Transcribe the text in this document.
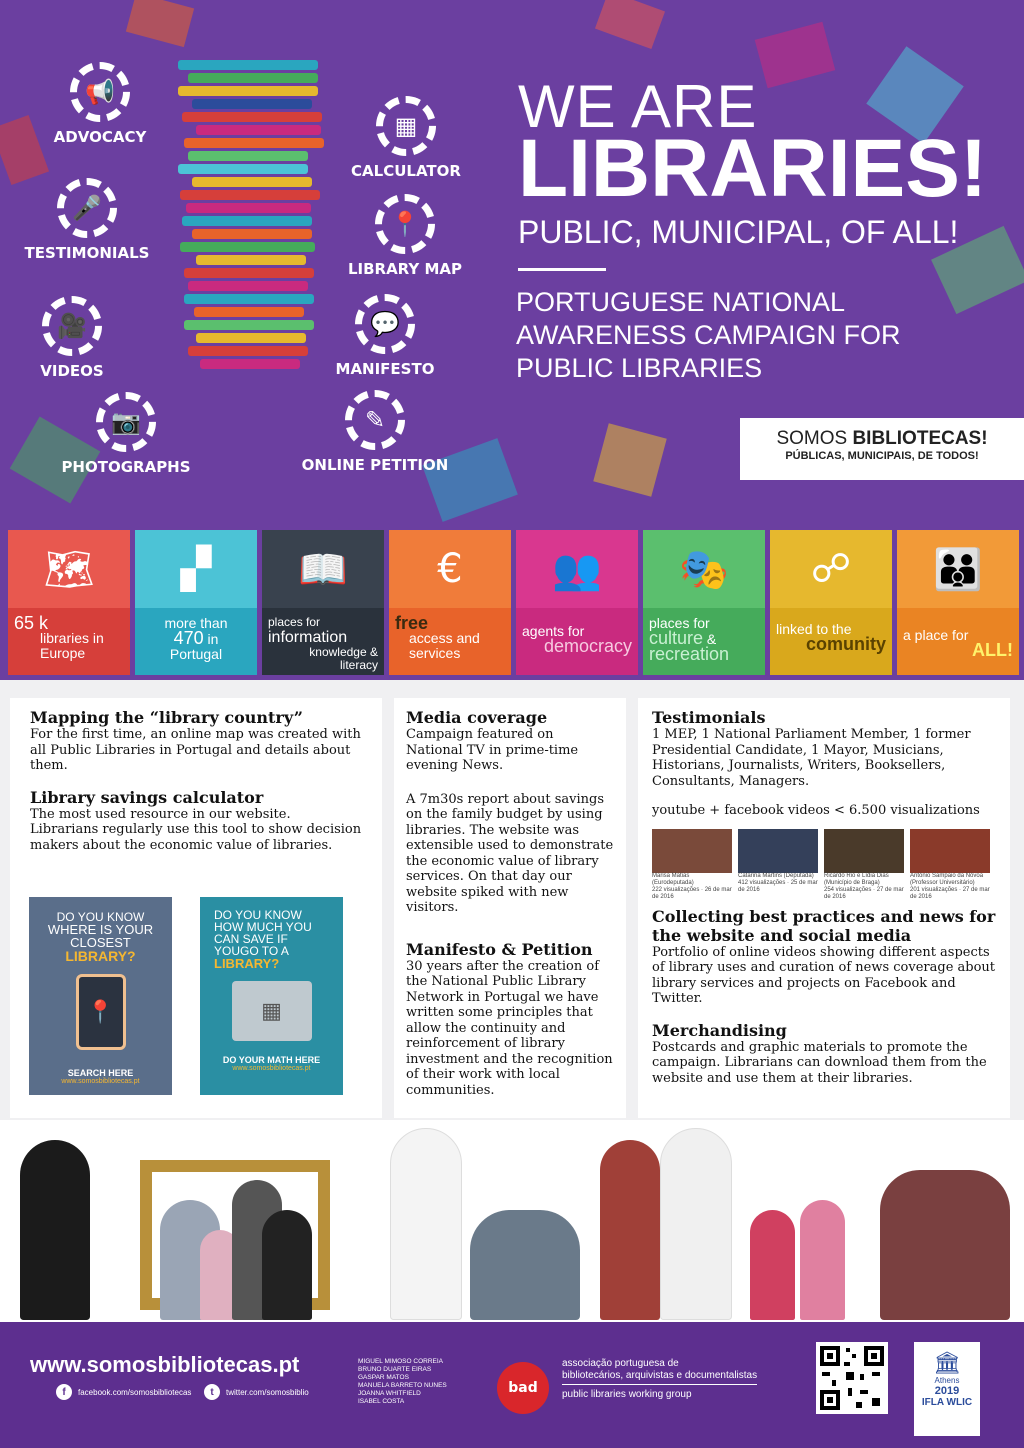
📢
ADVOCACY
🎤
TESTIMONIALS
🎥
VIDEOS
📷
PHOTOGRAPHS
▦
CALCULATOR
📍
LIBRARY MAP
💬
MANIFESTO
✎
ONLINE PETITION
WE ARE
LIBRARIES!
PUBLIC, MUNICIPAL, OF ALL!
PORTUGUESE NATIONAL
AWARENESS CAMPAIGN FOR
PUBLIC LIBRARIES
SOMOS BIBLIOTECAS!
PÚBLICAS, MUNICIPAIS, DE TODOS!
🗺
65 k
libraries in
Europe
▞
more than
470 in
Portugal
📖
places for
information
knowledge &
literacy
€
free
access and
services
👥
agents for
democracy
🎭
places for
culture &
recreation
☍
linked to the
comunity
👪
a place for
ALL!
Mapping the “library country”

For the first time, an online map was created with all Public Libraries in Portugal and details about them.

Library savings calculator

The most used resource in our website. Librarians regularly use this tool to show decision makers about the economic value of libraries.

DO YOU KNOW
WHERE IS YOUR
CLOSEST
LIBRARY?
📍
SEARCH HERE
www.somosbibliotecas.pt
DO YOU KNOW
HOW MUCH YOU
CAN SAVE IF
YOUGO TO A
LIBRARY?
▦
DO YOUR MATH HERE
www.somosbibliotecas.pt
Media coverage

Campaign featured on National TV in prime-time evening News.

A 7m30s report about savings on the family budget by using libraries. The website was extensible used to demonstrate the economic value of library services. On that day our website spiked with new visitors.

Manifesto & Petition

30 years after the creation of the National Public Library Network in Portugal we have written some principles that allow the continuity and reinforcement of library investment and the recognition of their work with local communities.

Testimonials

1 MEP, 1 National Parliament Member, 1 former Presidential Candidate, 1 Mayor, Musicians, Historians, Journalists, Writers, Booksellers, Consultants, Managers.

youtube + facebook videos < 6.500 visualizations

Marisa Matias (Eurodeputada)
222 visualizações · 26 de mar de 2016
Catarina Martins (Deputada)
412 visualizações · 25 de mar de 2016
Ricardo Rio e Lídia Dias (Município de Braga)
254 visualizações · 27 de mar de 2016
António Sampaio da Nóvoa (Professor Universitário)
201 visualizações · 27 de mar de 2016
Collecting best practices and news for the website and social media

Portfolio of online videos showing different aspects of library uses and curation of news coverage about library services and projects on Facebook and Twitter.

Merchandising

Postcards and graphic materials to promote the campaign. Librarians can download them from the website and use them at their libraries.

www.somosbibliotecas.pt
f	facebook.com/somosbibliotecas	t	twitter.com/somosbiblio
MIGUEL MIMOSO CORREIA
BRUNO DUARTE EIRAS
GASPAR MATOS
MANUELA BARRETO NUNES
JOANNA WHITFIELD
ISABEL COSTA
bad
associação portuguesa de
bibliotecários, arquivistas e documentalistas
public libraries working group
🏛
Athens
2019
IFLA WLIC
